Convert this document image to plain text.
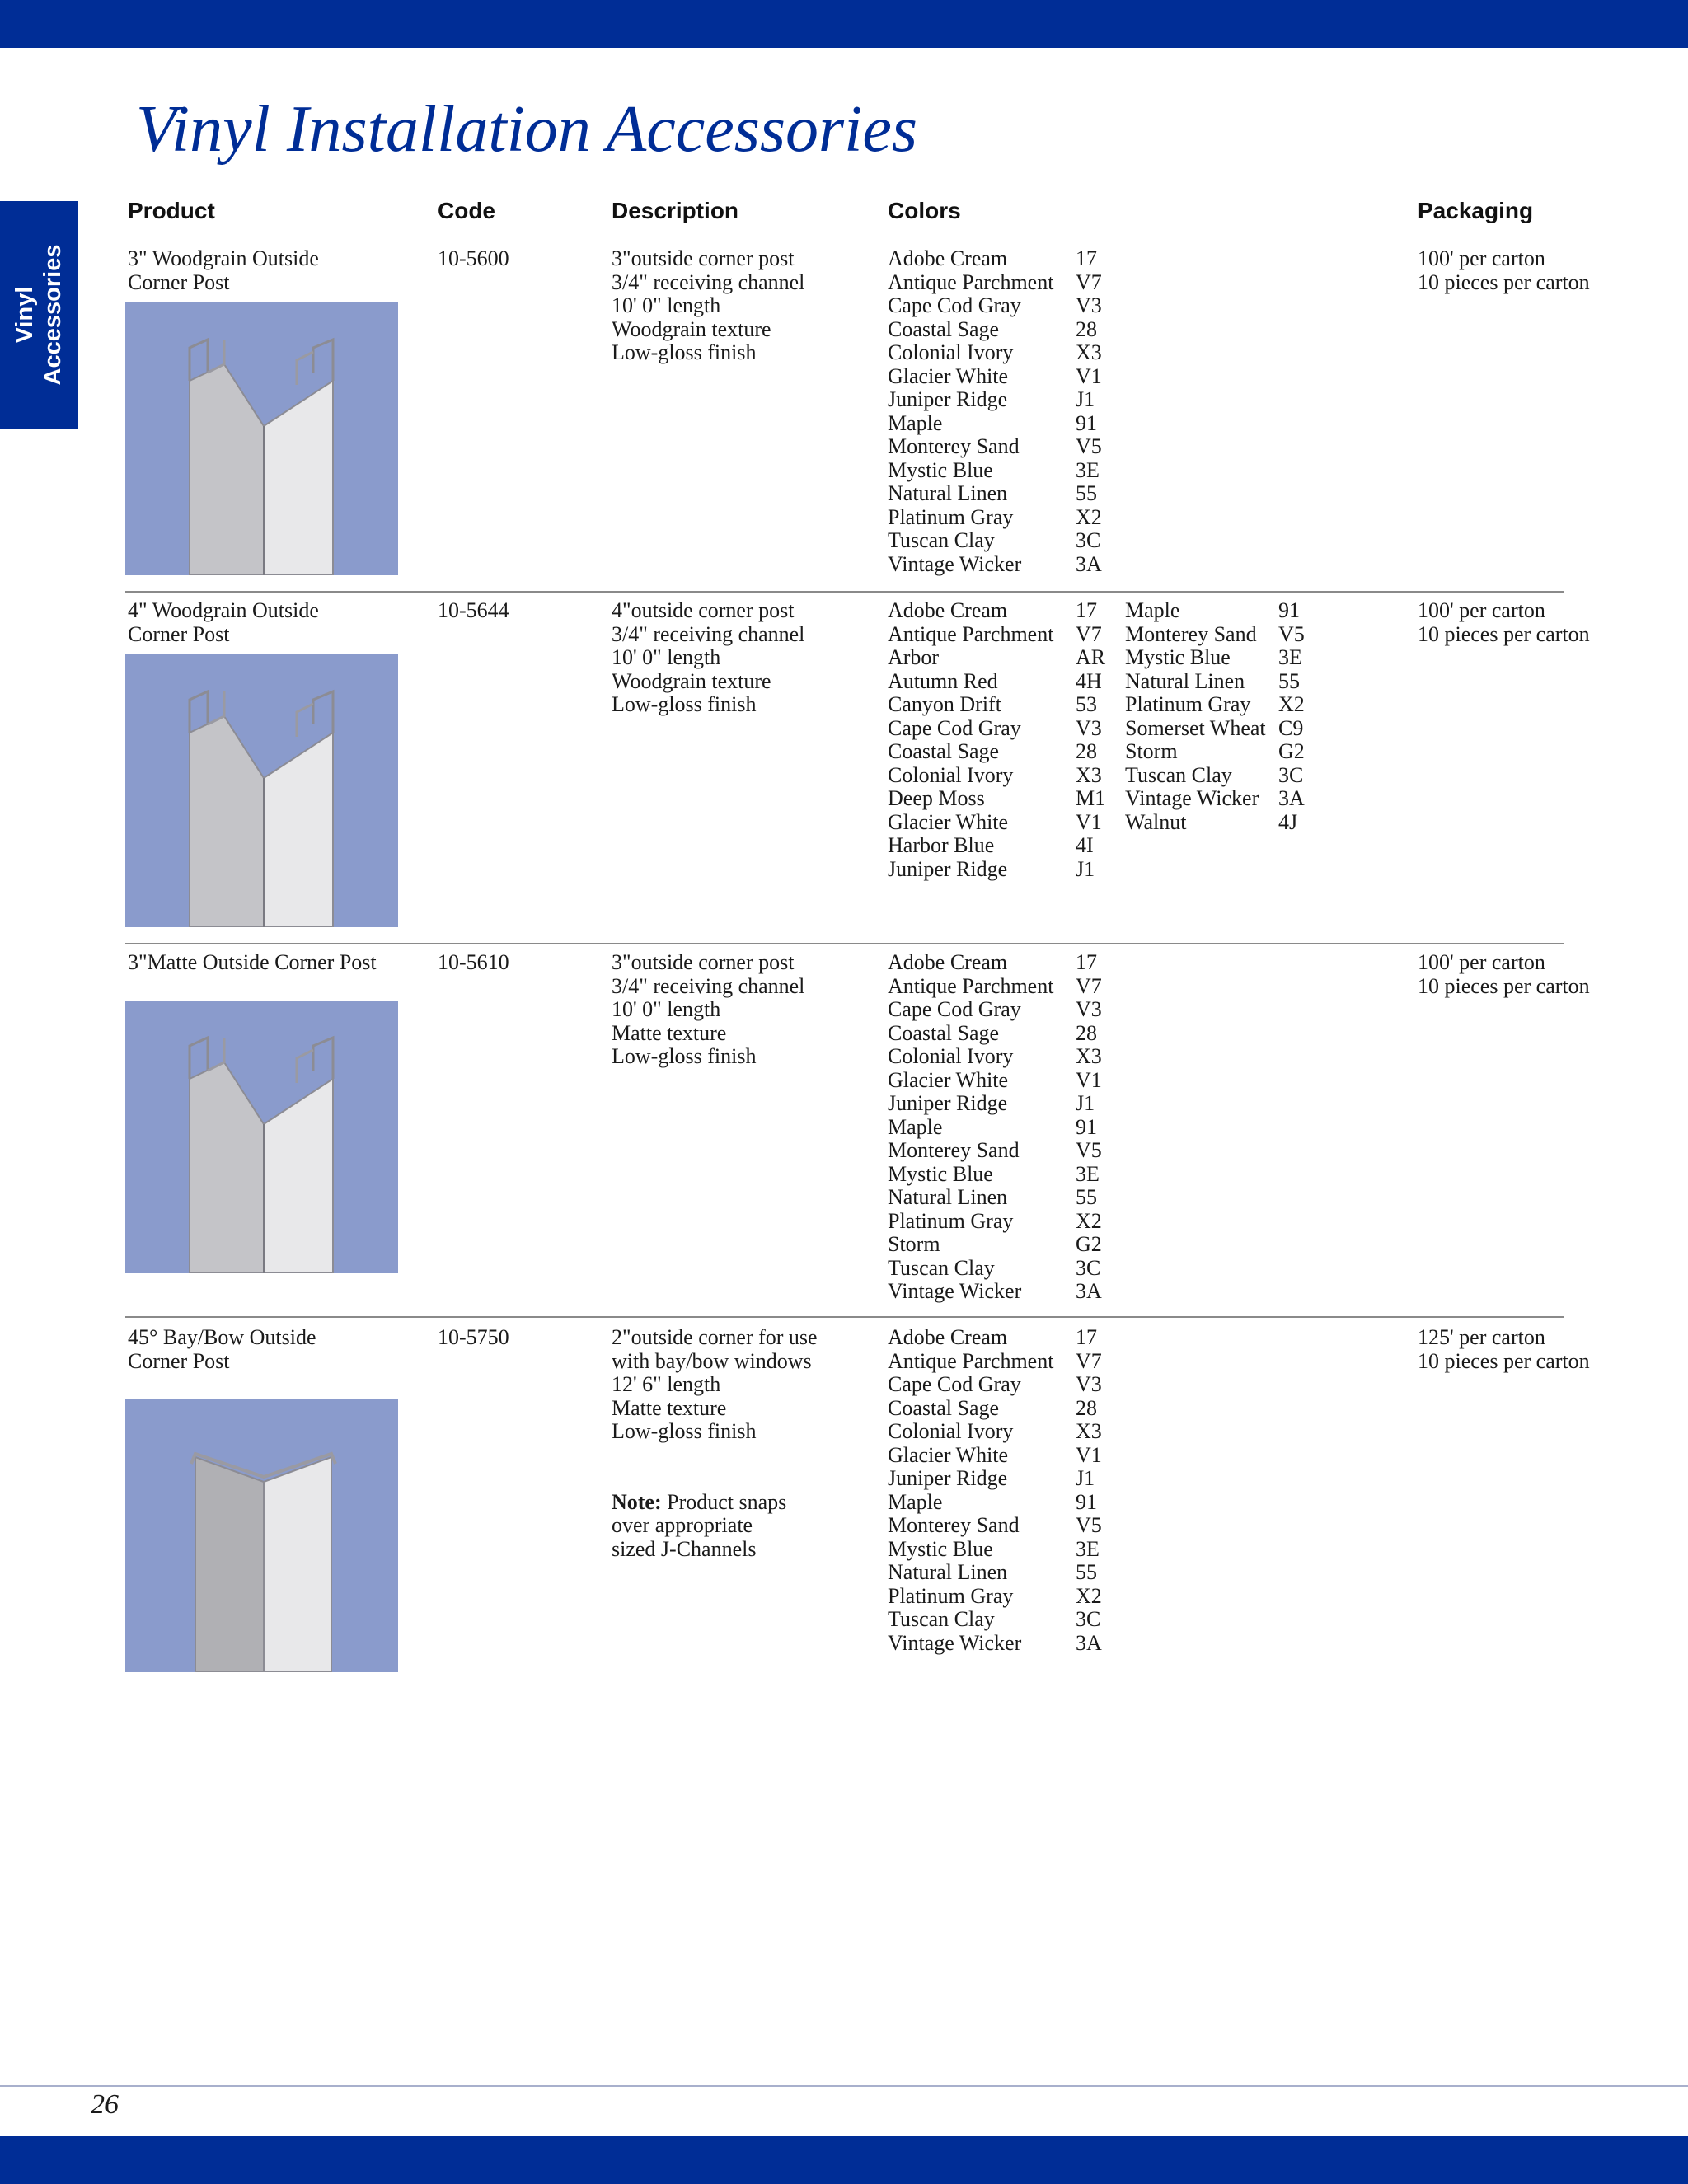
Vinyl Accessories
Vinyl Installation Accessories
Product	Code	Description	Colors	Packaging
3" Woodgrain Outside
Corner Post
10-5600	3"outside corner post
3/4" receiving channel
10' 0" length
Woodgrain texture
Low-gloss finish
Adobe Cream	17
Antique Parchment	V7
Cape Cod Gray	V3
Coastal Sage	28
Colonial Ivory	X3
Glacier White	V1
Juniper Ridge	J1
Maple	91
Monterey Sand	V5
Mystic Blue	3E
Natural Linen	55
Platinum Gray	X2
Tuscan Clay	3C
Vintage Wicker	3A
100' per carton
10 pieces per carton
4" Woodgrain Outside
Corner Post
10-5644	4"outside corner post
3/4" receiving channel
10' 0" length
Woodgrain texture
Low-gloss finish
Adobe Cream	17
Antique Parchment	V7
Arbor	AR
Autumn Red	4H
Canyon Drift	53
Cape Cod Gray	V3
Coastal Sage	28
Colonial Ivory	X3
Deep Moss	M1
Glacier White	V1
Harbor Blue	4I
Juniper Ridge	J1
Maple	91
Monterey Sand	V5
Mystic Blue	3E
Natural Linen	55
Platinum Gray	X2
Somerset Wheat C9
Storm	G2
Tuscan Clay	3C
Vintage Wicker 3A
Walnut	4J
100' per carton
10 pieces per carton
3"Matte Outside Corner Post	10-5610	3"outside corner post
3/4" receiving channel
10' 0" length
Matte texture
Low-gloss finish
Adobe Cream	17
Antique Parchment	V7
Cape Cod Gray	V3
Coastal Sage	28
Colonial Ivory	X3
Glacier White	V1
Juniper Ridge	J1
Maple	91
Monterey Sand	V5
Mystic Blue	3E
Natural Linen	55
Platinum Gray	X2
Storm	G2
Tuscan Clay	3C
Vintage Wicker	3A
100' per carton
10 pieces per carton
45° Bay/Bow Outside
Corner Post
10-5750	2"outside corner for use
with bay/bow windows
12' 6" length
Matte texture
Low-gloss finish

Note: Product snaps
over appropriate
sized J-Channels
Adobe Cream	17
Antique Parchment	V7
Cape Cod Gray	V3
Coastal Sage	28
Colonial Ivory	X3
Glacier White	V1
Juniper Ridge	J1
Maple	91
Monterey Sand	V5
Mystic Blue	3E
Natural Linen	55
Platinum Gray	X2
Tuscan Clay	3C
Vintage Wicker	3A
125' per carton
10 pieces per carton
26
